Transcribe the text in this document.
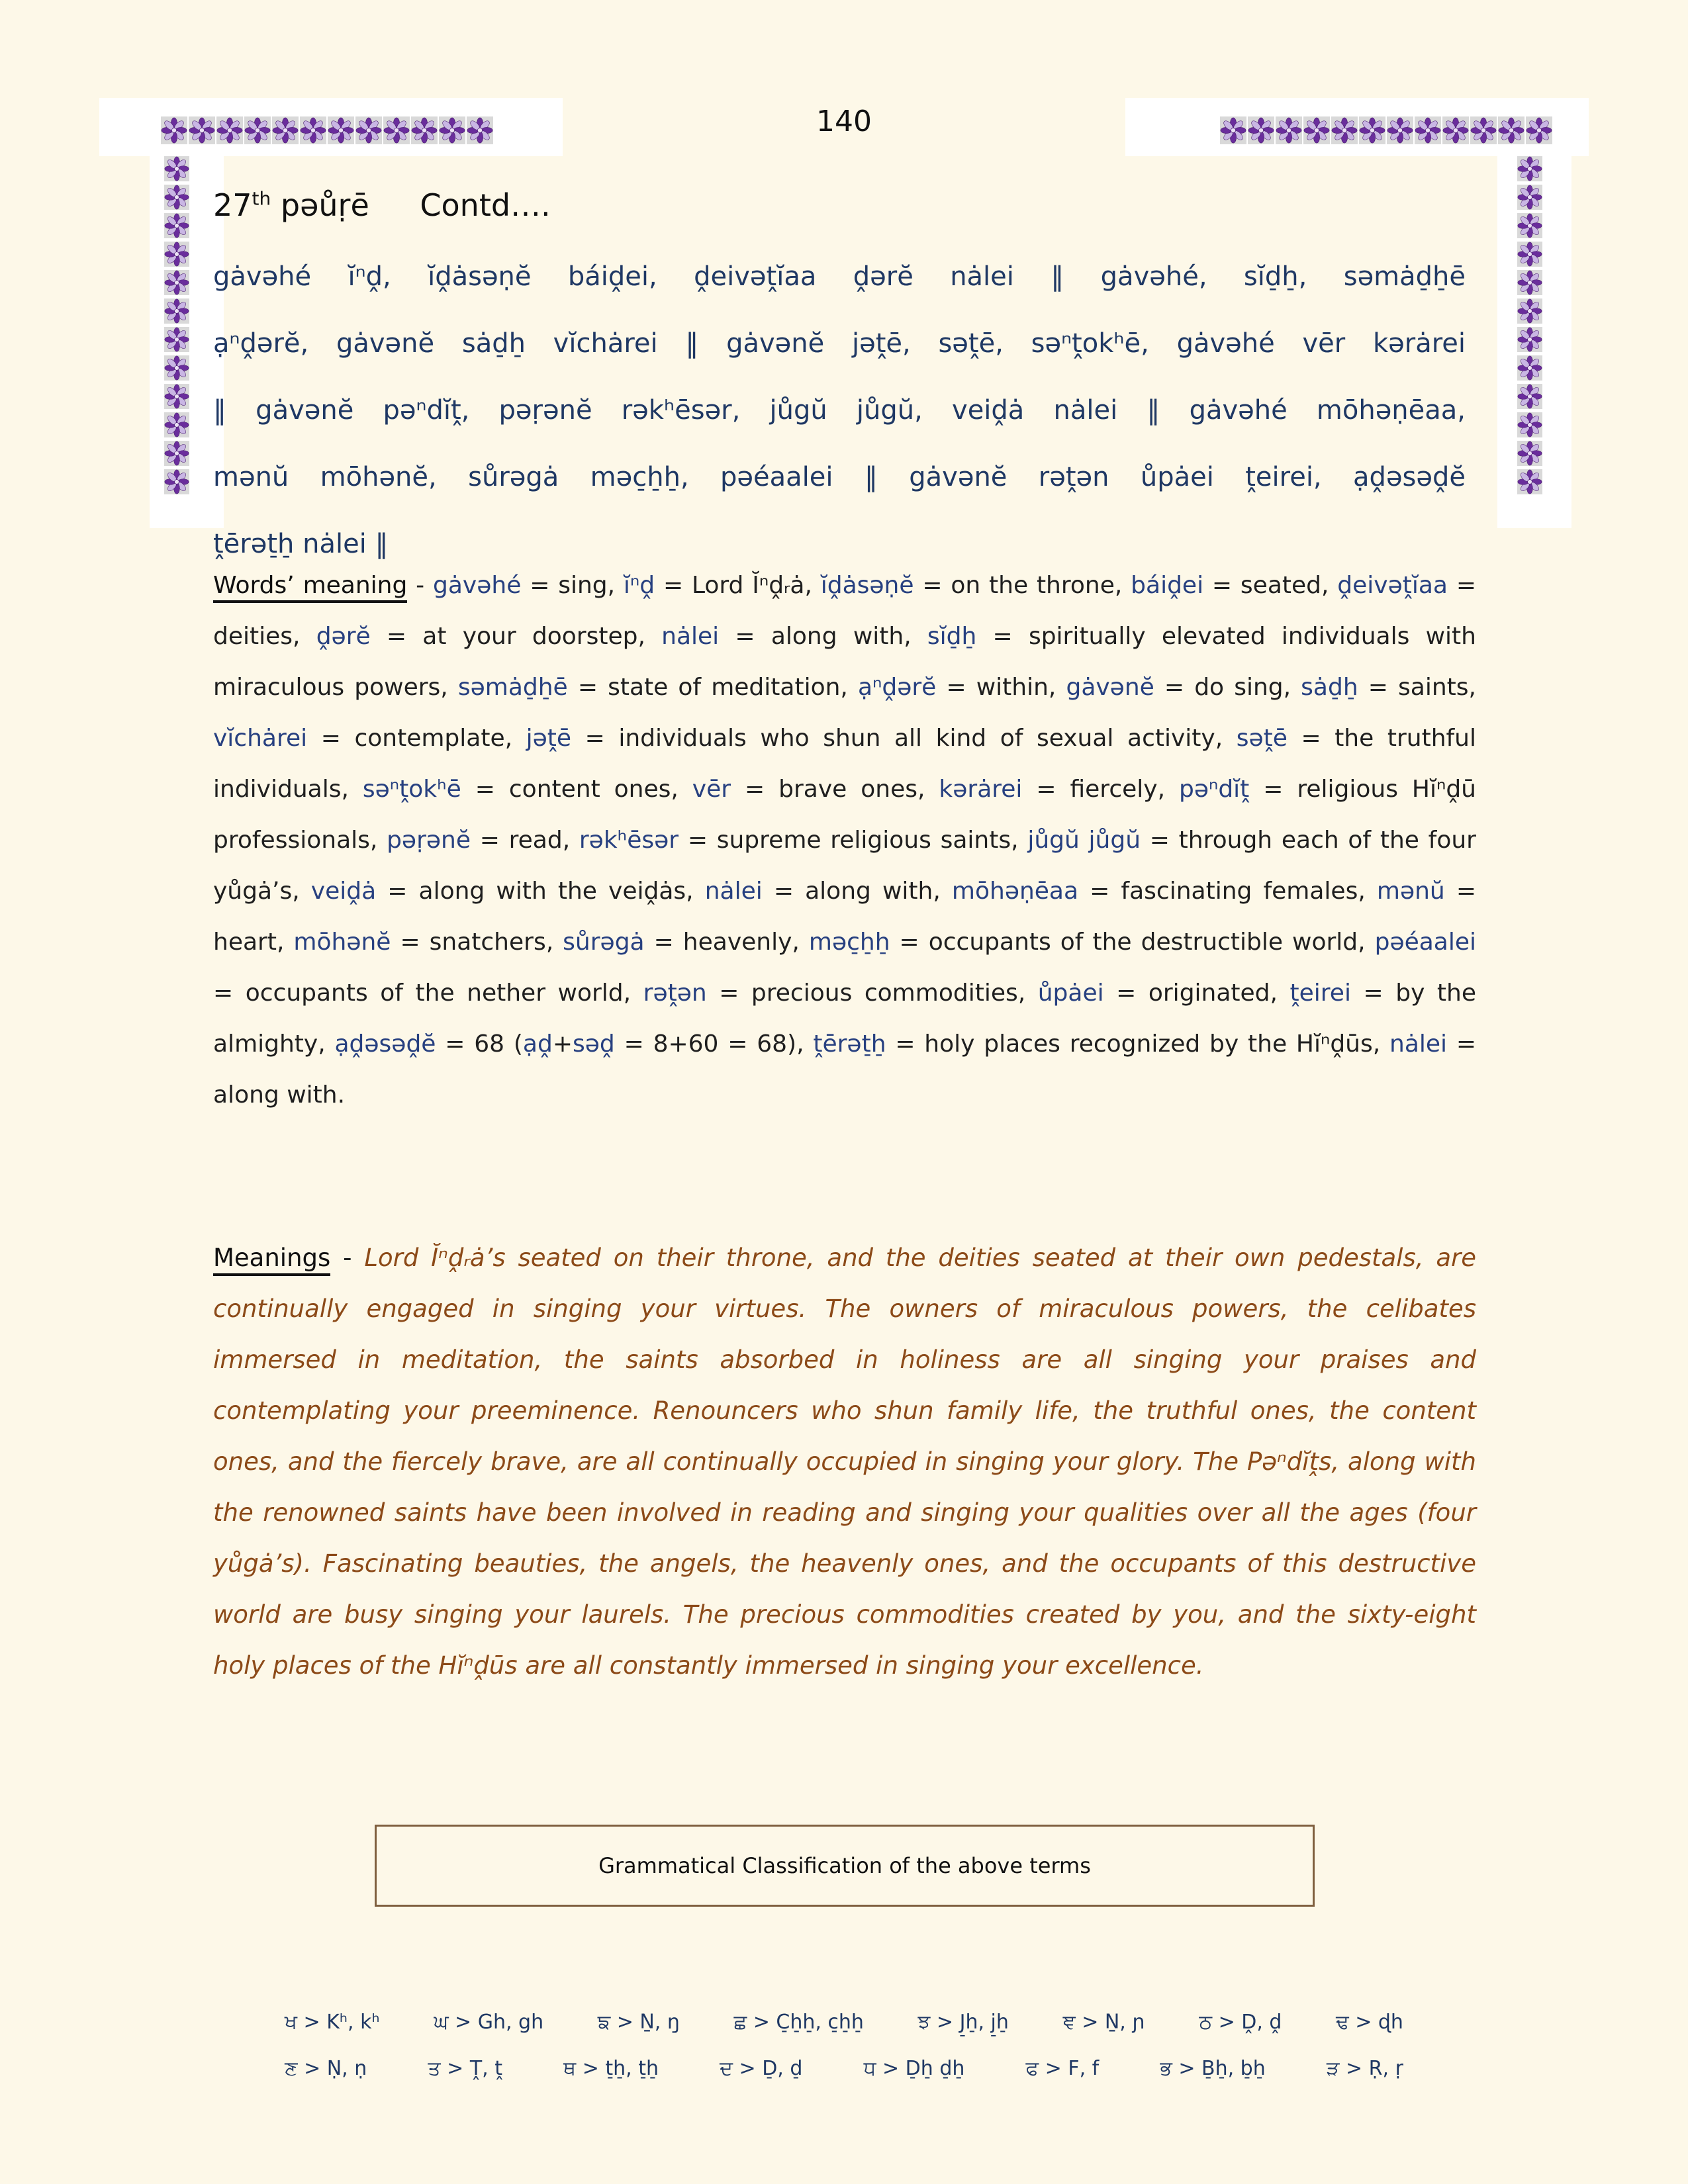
140
27th pəůṛē Contd….
gȧvəhé ĭⁿḓ, ĭḓȧsəṇĕ báiḓei, ḓeivəṱĭaa ḓərĕ nȧlei ‖ gȧvəhé, sĭd̠h̠, səmȧd̠h̠ē
ạⁿḓərĕ, gȧvənĕ sȧd̠h̠ vĭchȧrei ‖ gȧvənĕ jəṱē, səṱē, səⁿṱokʰē, gȧvəhé vēr kərȧrei
‖ gȧvənĕ pəⁿdĭṱ, pəṛənĕ rəkʰēsər, jůgŭ jůgŭ, veiḓȧ nȧlei ‖ gȧvəhé mōhəṇēaa,
mənŭ mōhənĕ, sůrəgȧ məc̠h̠h̠, pəéaalei ‖ gȧvənĕ rəṱən ůpȧei ṱeirei, ạḓəsəḓĕ
ṱērət̠h̠ nȧlei ‖
Words’ meaning - gȧvəhé = sing, ĭⁿḓ = Lord Ĭⁿḓᵣȧ, ĭḓȧsəṇĕ = on the throne, báiḓei = seated, ḓeivəṱĭaa = deities, ḓərĕ = at your doorstep, nȧlei = along with, sĭd̠h̠ = spiritually elevated individuals with miraculous powers, səmȧd̠h̠ē = state of meditation, ạⁿḓərĕ = within, gȧvənĕ = do sing, sȧd̠h̠ = saints, vĭchȧrei = contemplate, jəṱē = individuals who shun all kind of sexual activity, səṱē = the truthful individuals, səⁿṱokʰē = content ones, vēr = brave ones, kərȧrei = fiercely, pəⁿdĭṱ = religious Hĭⁿḓū professionals, pəṛənĕ = read, rəkʰēsər = supreme religious saints, jůgŭ jůgŭ = through each of the four yůgȧ’s, veiḓȧ = along with the veiḓȧs, nȧlei = along with, mōhəṇēaa = fascinating females, mənŭ = heart, mōhənĕ = snatchers, sůrəgȧ = heavenly, məc̠h̠h̠ = occupants of the destructible world, pəéaalei = occupants of the nether world, rəṱən = precious commodities, ůpȧei = originated, ṱeirei = by the almighty, ạḓəsəḓĕ = 68 (ạḓ+səḓ = 8+60 = 68), ṱērət̠h̠ = holy places recognized by the Hĭⁿḓūs, nȧlei = along with.
Meanings - Lord Ĭⁿḓᵣȧ’s seated on their throne, and the deities seated at their own pedestals, are continually engaged in singing your virtues. The owners of miraculous powers, the celibates immersed in meditation, the saints absorbed in holiness are all singing your praises and contemplating your preeminence. Renouncers who shun family life, the truthful ones, the content ones, and the fiercely brave, are all continually occupied in singing your glory. The Pəⁿdĭṱs, along with the renowned saints have been involved in reading and singing your qualities over all the ages (four yůgȧ’s). Fascinating beauties, the angels, the heavenly ones, and the occupants of this destructive world are busy singing your laurels. The precious commodities created by you, and the sixty-eight holy places of the Hĭⁿḓūs are all constantly immersed in singing your excellence.
Grammatical Classification of the above terms
ਖ > Kʰ, kʰ	ਘ > Gh, gh	ਙ > Ṉ, ŋ	ਛ > C̠h̠h̠, c̠h̠h̠	ਝ > J̠h̠, j̠h̠	ਞ > Ṉ, ɲ	ਠ > Ḓ, ḓ	ਢ > ɖh
ਣ > Ṇ, ṇ	ਤ > Ṱ, ṱ	ਥ > t̠h̠, t̠h̠	ਦ > D̠, d̠	ਧ > D̠h̠ d̠h̠	ਫ > F, f	ਭ > B̠h̠, b̠h̠	ੜ > Ṛ, ṛ
